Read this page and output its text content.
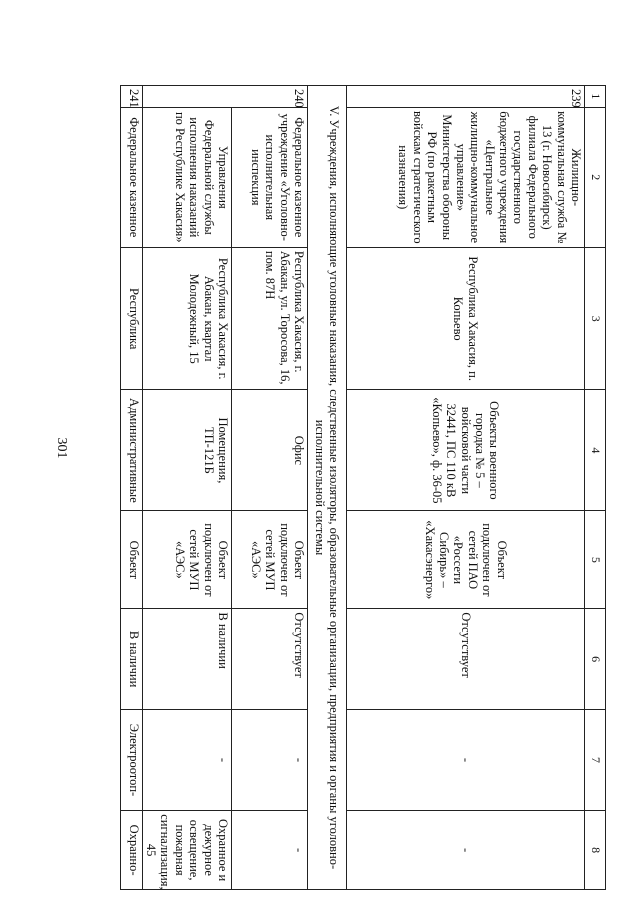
301
1	2	3	4	5	6	7	8
239	Жилищно-коммунальная служба № 13 (г. Новосибирск) филиала Федерального государственного бюджетного учреждения «Центральное жилищно-коммунальное управление» Министерства обороны РФ (по ракетным войскам стратегического назначения)	Республика Хакасия, п. Копьево	Объекты военного городка № 5 – войсковой части 32441, ПС 110 кВ «Копьево», ф. 36-05	Объект подключен от сетей ПАО «Россети Сибирь» – «Хакасэнерго»	Отсутствует	-	-
V. Учреждения, исполняющие уголовные наказания, следственные изоляторы, образовательные организации, предприятия и органы уголовно-исполнительной системы							
240	Федеральное казенное учреждение «Уголовно-исполнительная инспекция	Республика Хакасия, г. Абакан, ул. Торосова, 16, пом. 87Н	Офис	Объект подключен от сетей МУП «АЭС»	Отсутствует	-	-
	Управления Федеральной службы исполнения наказаний по Республике Хакасия»	Республика Хакасия, г. Абакан, квартал Молодежный, 15	Помещения, ТП-121Б	Объект подключен от сетей МУП «АЭС»	В наличии	-	Охранное и дежурное освещение, пожарная сигнализация, 45
241	Федеральное казенное	Республика	Административные	Объект	В наличии	Электроотоп-	Охранно-
